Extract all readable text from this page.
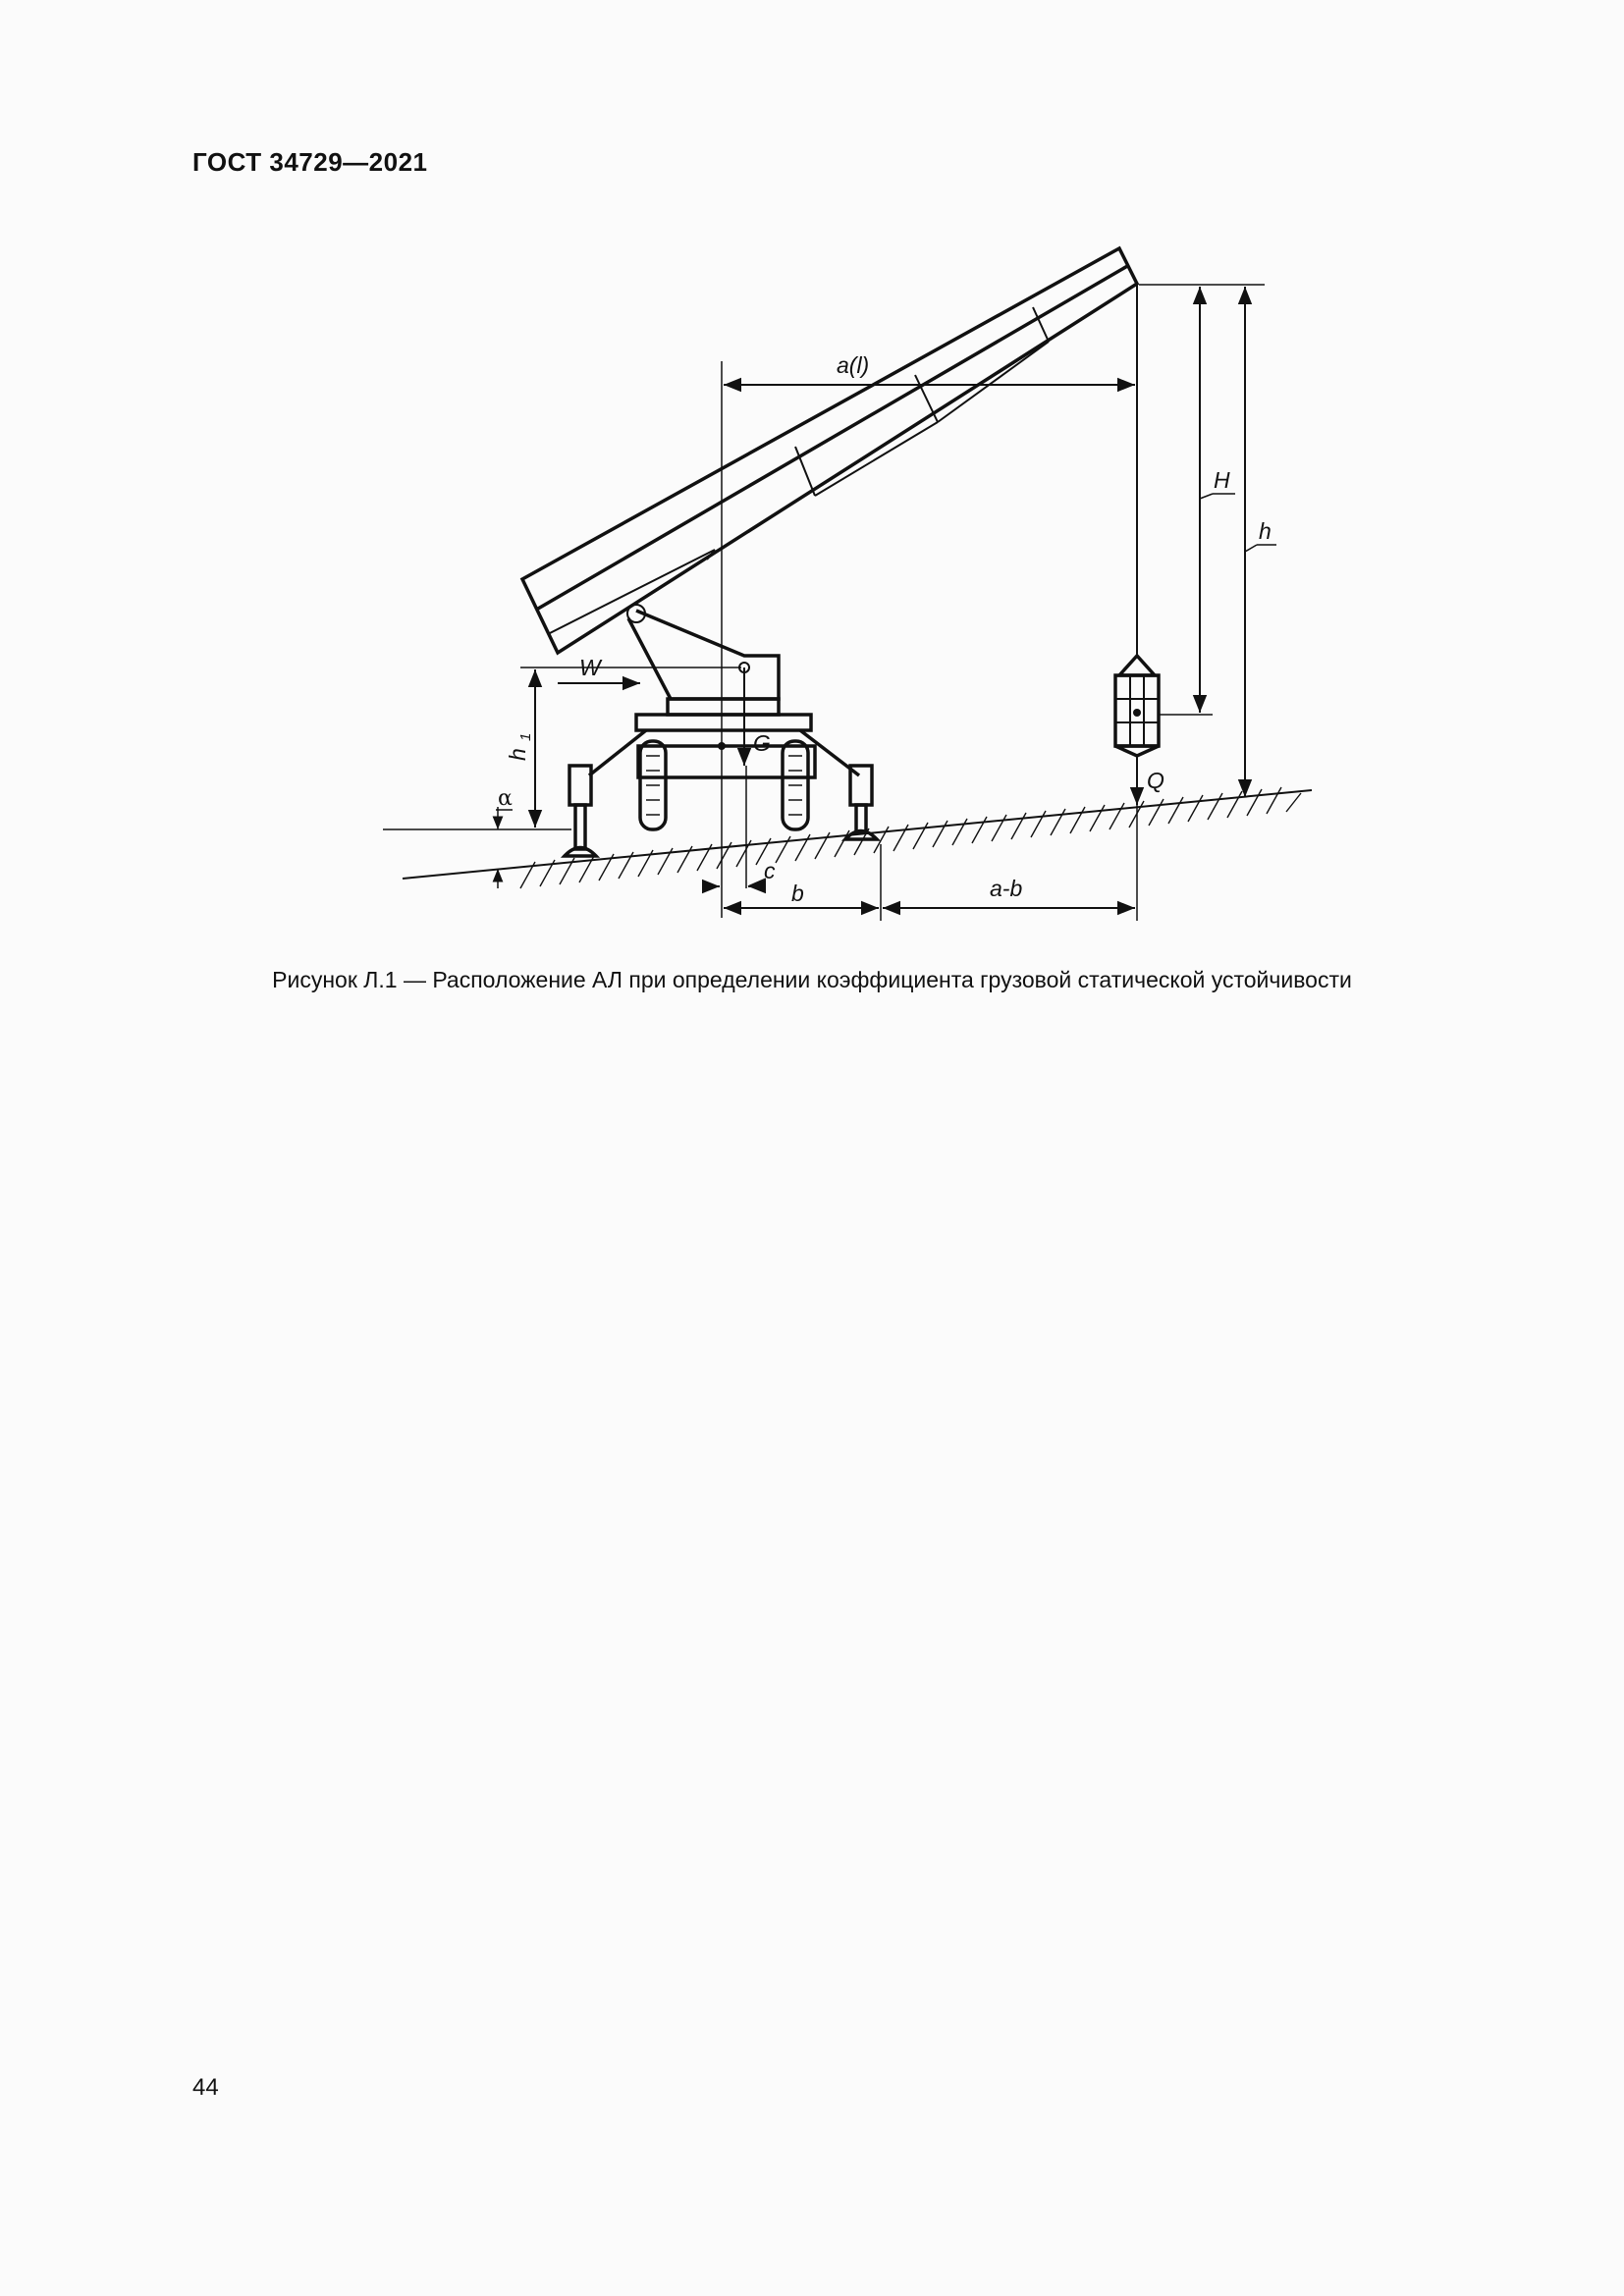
ГОСТ 34729—2021
α
Q
G
W
h
1
a(l)
H
h
c
b	a-b
Рисунок Л.1 — Расположение АЛ при определении коэффициента грузовой статической устойчивости
44
